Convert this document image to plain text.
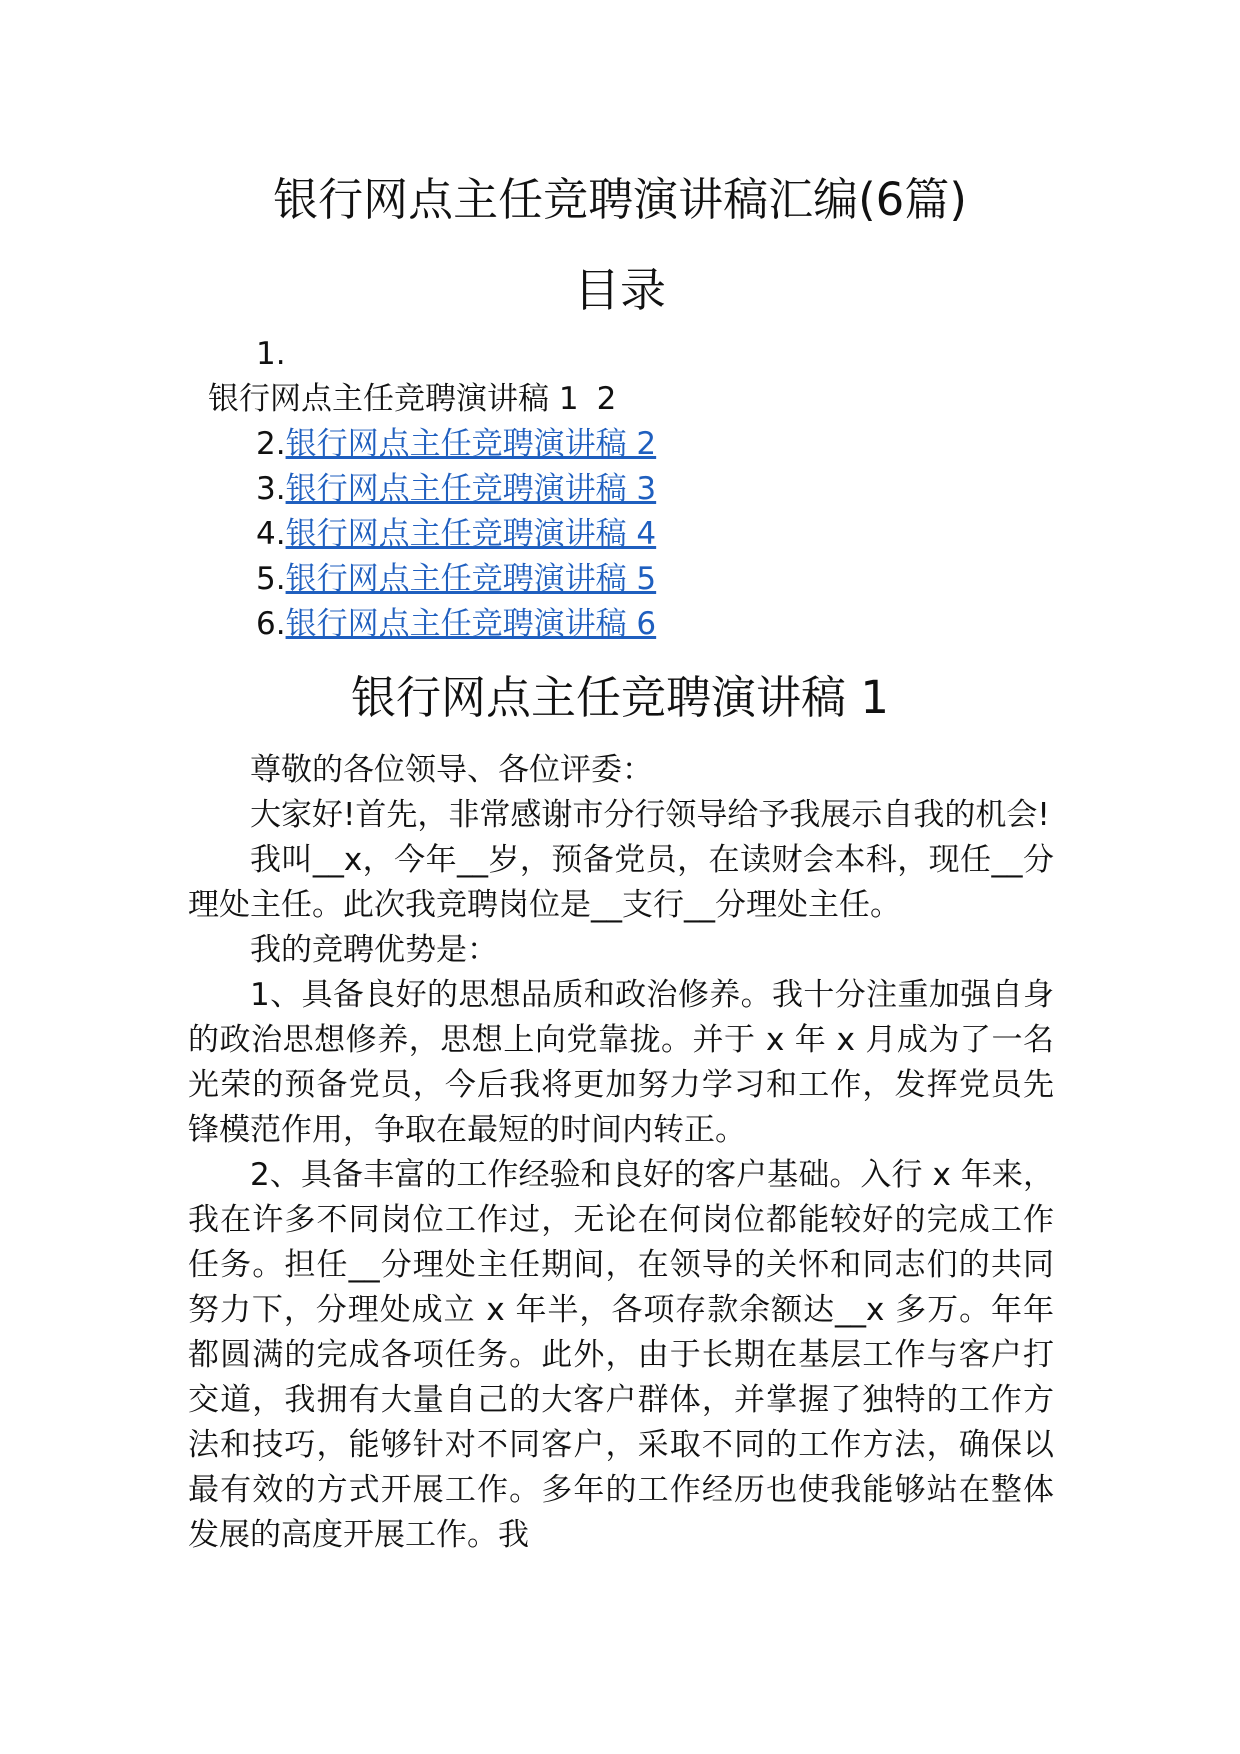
银行网点主任竞聘演讲稿汇编(6篇)
目录
1.
银行网点主任竞聘演讲稿 1 2
2.银行网点主任竞聘演讲稿 2
3.银行网点主任竞聘演讲稿 3
4.银行网点主任竞聘演讲稿 4
5.银行网点主任竞聘演讲稿 5
6.银行网点主任竞聘演讲稿 6
银行网点主任竞聘演讲稿 1

尊敬的各位领导、各位评委：

大家好!首先，非常感谢市分行领导给予我展示自我的机会!

我叫__x，今年__岁，预备党员，在读财会本科，现任__分理处主任。此次我竞聘岗位是__支行__分理处主任。

我的竞聘优势是：

1、具备良好的思想品质和政治修养。我十分注重加强自身的政治思想修养，思想上向党靠拢。并于 x 年 x 月成为了一名光荣的预备党员，今后我将更加努力学习和工作，发挥党员先锋模范作用，争取在最短的时间内转正。

2、具备丰富的工作经验和良好的客户基础。入行 x 年来，我在许多不同岗位工作过，无论在何岗位都能较好的完成工作任务。担任__分理处主任期间，在领导的关怀和同志们的共同努力下，分理处成立 x 年半，各项存款余额达__x 多万。年年都圆满的完成各项任务。此外，由于长期在基层工作与客户打交道，我拥有大量自己的大客户群体，并掌握了独特的工作方法和技巧，能够针对不同客户，采取不同的工作方法，确保以最有效的方式开展工作。多年的工作经历也使我能够站在整体发展的高度开展工作。我
